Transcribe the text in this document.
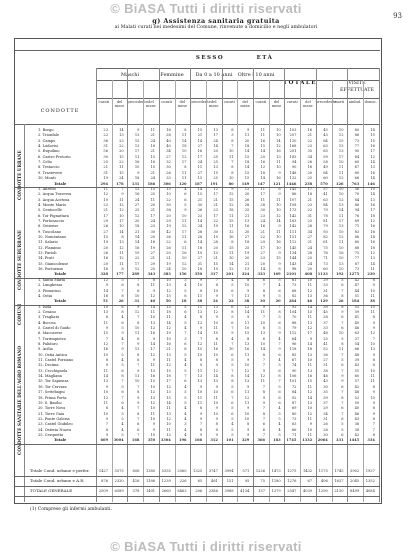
© BiASA Tutti i diritti riservati	93
g) Assistenza sanitaria gratuita
ai Malati curati nei medesimi del Comune, rinvenute a domicilio e negli ambulatori
SESSO	ETÀ
TOTALE	VISITE EFFETTUATE
CONDOTTE
Maschi	Femmine	Da 0 a 10 anni	Oltre i 10 anni
curati	del mese
precedente del mese
curati	del mese
precedente del mese
curati	del mese
curati	del mese
curati	del mese
precedente
morti	ambul. domic.
CONDOTTE URBANE
CONDOTTE SUBURBANE
COMUNI
CONDOTTE SANITARIE DELL'AGRO ROMANO
1. Borgo	23	14	9	11	16	8	15	13	8	9	11	10	103	16	45	10	80	14
2. Trionfale	22	13	13	21	28	11	21	17	3	11	11	10	207	21	43	12	86	15
3. Campo	36	23	15	24	40	14	14	24	8	20	16	14	120	22	64	15	73	15
4. Ludovisi	31	22	13	18	40	18	27	14	7	18	15	12	168	23	63	15	77	16
5. Esquilino	56	20	17	21	34	10	16	20	10	14	14	16	201	35	65	13	90	17
6. Castro Pretorio	30	15	11	15	27	12	17	25	11	15	20	13	183	34	59	17	84	12
7. Celio	25	22	16	16	32	17	24	25	7	18	16	11	94	26	58	10	60	14
8. Testaccio	21	11	10	15	30	8	11	13	8	14	12	10	90	16	49	11	67	13
9. Trastevere	31	15	9	21	26	11	27	15	8	15	18	9	148	20	64	11	80	16
10. Monti	19	24	18	24	33	11	15	25	10	15	14	16	132	25	60	12	66	14
Totale	294	178	131	186	306	120	187	191	80	149	147	121	1446	238	570	126	763	146
1. Aurelio	11	7	12	15	15	4	14	12	9	12	11	6	142	17	37	10	56	10
2. Acqua Traversa	12	9	16	25	10	6	15	17	12	20	17	9	86	18	41	10	70	14
3. Acqua Acetosa	10	11	24	11	22	6	21	21	15	26	11	11	107	21	63	12	84	13
4. Monte Mario	23	12	27	20	30	5	30	21	12	28	28	10	108	23	84	13	86	16
5. Centocelle	21	12	25	21	38	9	26	23	18	25	30	10	173	22	79	14	94	17
6. Tor Pignattara	17	10	12	17	20	10	23	17	11	21	23	12	142	31	78	11	76	18
7. Portonaccio	29	17	20	24	29	11	14	22	15	13	24	14	163	25	81	17	89	12
8. Ostiense	26	10	18	23	19	12	24	19	11	16	16	9	142	28	79	13	71	16
9. Tuscolano	27	14	21	30	42	17	28	30	12	20	21	11	111	34	93	10	83	16
10. Nomentano	15	8	14	20	26	11	28	19	16	27	22	10	151	27	82	12	86	14
11. Salario	19	13	14	16	22	6	14	28	8	18	29	16	112	21	61	11	80	16
12. Flaminio	20	12	16	19	26	11	18	20	15	25	17	10	145	24	75	10	88	18
13. Parioli	26	11	19	27	20	16	19	13	11	19	27	9	134	28	76	16	75	12
14. Prati	16	12	22	21	21	10	27	21	10	20	23	15	144	25	71	10	77	13
15. Gianicolense	20	11	17	29	19	12	31	15	14	21	20	9	143	24	73	13	87	14
16. Portuense	16	8	12	25	24	10	18	19	12	13	14	8	98	20	60	10	73	11
Totale	328	177	289	343	383	156	350	317	201	324	333	169	2101	408	1133	192	1275	230
1. Santa Maria	12	5	7	8	10	3	9	7	4	8	6	5	61	10	29	5	42	8
2. Lunghezza	9	6	8	11	13	4	10	8	5	10	7	4	73	11	33	6	47	9
3. Fiumicino	14	7	6	9	12	5	8	10	6	9	8	6	68	12	31	7	44	10
4. Ostia	16	8	10	12	15	6	11	9	7	11	9	5	82	13	36	8	51	11
Totale	51	26	31	40	50	18	38	34	22	38	30	20	284	46	129	26	184	38
1. Isola	10	6	9	14	15	5	11	13	6	12	9	7	92	14	39	8	53	10
2. Cesano	13	8	12	11	18	6	13	12	8	14	11	8	104	15	45	9	59	11
3. Tragliata	8	4	7	10	11	4	8	9	5	9	7	5	70	11	28	6	41	8
4. Boccea	11	6	8	13	14	5	12	10	6	11	10	6	88	13	37	7	49	9
5. Castel di Guido	9	5	10	12	12	4	9	11	7	10	8	5	79	12	33	6	46	9
6. Maccarese	15	9	11	16	19	7	14	15	9	15	13	9	112	17	48	10	63	12
7. Torrimpietra	7	4	6	9	10	3	7	8	4	8	6	4	64	9	25	5	37	7
8. Palidoro	12	7	9	14	16	6	12	11	7	13	10	7	96	14	41	8	54	10
9. Acilia	16	9	13	17	21	8	15	16	10	16	14	9	118	18	52	11	66	13
10. Ostia Antica	10	5	8	12	13	5	10	10	6	11	8	6	85	13	36	7	48	9
11. Castel Porziano	8	4	6	9	11	4	8	8	5	9	7	4	67	10	27	5	39	8
12. Decima	9	5	7	11	12	4	9	9	5	10	7	5	74	11	31	6	43	8
13. Cecchignola	11	6	9	13	15	5	11	12	7	12	9	6	90	13	38	7	51	10
14. Magliana	14	8	11	16	18	7	13	14	8	14	12	8	106	16	46	9	60	11
15. Tor Sapienza	13	7	10	15	17	6	13	13	8	13	11	7	101	15	43	9	57	11
16. Tor Cervara	9	5	7	10	12	4	9	9	5	9	7	5	72	11	30	6	42	8
17. Settebagni	10	6	8	12	13	5	10	10	6	11	8	6	84	12	35	7	48	9
18. Prima Porta	12	7	9	13	15	5	11	11	7	12	9	6	92	14	39	8	52	10
19. S. Basilio	11	6	9	12	14	5	11	10	6	11	9	6	87	13	37	7	50	9
20. Torre Nova	8	4	7	10	11	4	8	9	5	9	7	4	69	10	29	6	40	8
21. Torre Gaia	10	5	8	11	13	4	9	10	6	10	8	5	80	12	34	7	46	9
22. Ponte Galeria	9	5	7	10	12	4	9	9	5	10	7	5	73	11	31	6	43	8
23. Castel Giubileo	7	4	6	9	10	3	7	8	4	8	6	4	63	9	26	5	36	7
24. Osteria Nuova	8	4	6	9	11	4	8	8	5	9	6	4	66	10	28	5	38	7
25. Cerquetta	9	5	7	10	12	4	9	9	5	9	7	5	71	11	30	6	42	8
Totale	669	3004	168	350	3304	196	166	312	101	329	366	183	1745	1332	2064	331	1445	334
Totale Cond. urbane e perfer.	1427	5575	606	1380	5355	2560	1325	3747	3994	571	1226	1473	1275	1432	1175	1745	3902	1937
Totale Cond. urbane e A.R.	876	2320	416	1186	1239	226	65	461	151	95	75	1180	1276	67	406	1637	2045	1352
TOTALE GENERALE	2509	6589	378	1491	2660	8463	206	2386	3988	4134	137	1379	2547	4039	1290	2130	8499	4084
(1) Comprese gli infermi ambulanti.
© BiASA Tutti i diritti riservati
